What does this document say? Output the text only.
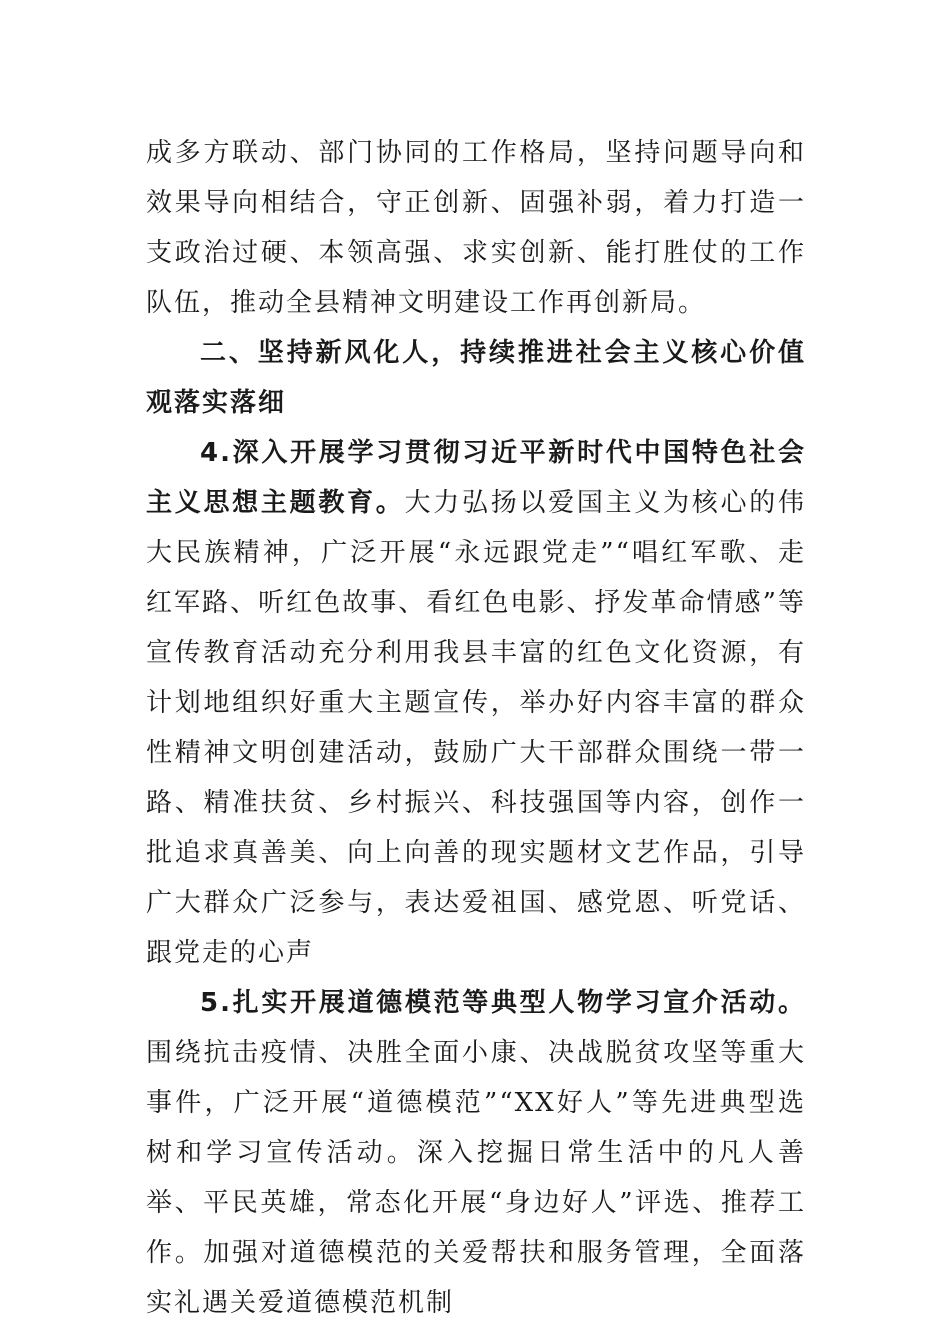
成多方联动、部门协同的工作格局，坚持问题导向和效果导向相结合，守正创新、固强补弱，着力打造一支政治过硬、本领高强、求实创新、能打胜仗的工作队伍，推动全县精神文明建设工作再创新局。

二、坚持新风化人，持续推进社会主义核心价值观落实落细

4.深入开展学习贯彻习近平新时代中国特色社会主义思想主题教育。大力弘扬以爱国主义为核心的伟大民族精神，广泛开展“永远跟党走”“唱红军歌、走红军路、听红色故事、看红色电影、抒发革命情感”等宣传教育活动充分利用我县丰富的红色文化资源，有计划地组织好重大主题宣传，举办好内容丰富的群众性精神文明创建活动，鼓励广大干部群众围绕一带一路、精准扶贫、乡村振兴、科技强国等内容，创作一批追求真善美、向上向善的现实题材文艺作品，引导广大群众广泛参与，表达爱祖国、感党恩、听党话、跟党走的心声

5.扎实开展道德模范等典型人物学习宣介活动。围绕抗击疫情、决胜全面小康、决战脱贫攻坚等重大事件，广泛开展“道德模范”“XX好人”等先进典型选树和学习宣传活动。深入挖掘日常生活中的凡人善举、平民英雄，常态化开展“身边好人”评选、推荐工作。加强对道德模范的关爱帮扶和服务管理，全面落实礼遇关爱道德模范机制
